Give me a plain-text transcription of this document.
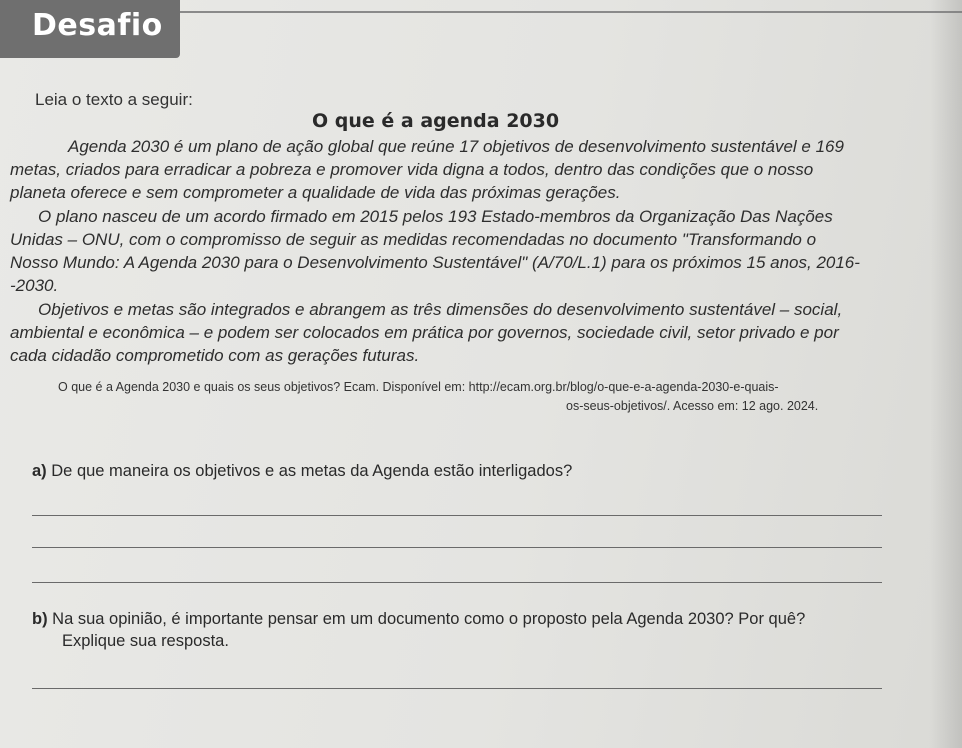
Desafio
Leia o texto a seguir:
O que é a agenda 2030
Agenda 2030 é um plano de ação global que reúne 17 objetivos de desenvolvimento sustentável e 169
metas, criados para erradicar a pobreza e promover vida digna a todos, dentro das condições que o nosso
planeta oferece e sem comprometer a qualidade de vida das próximas gerações.
O plano nasceu de um acordo firmado em 2015 pelos 193 Estado-membros da Organização Das Nações
Unidas – ONU, com o compromisso de seguir as medidas recomendadas no documento "Transformando o
Nosso Mundo: A Agenda 2030 para o Desenvolvimento Sustentável" (A/70/L.1) para os próximos 15 anos, 2016-
-2030.
Objetivos e metas são integrados e abrangem as três dimensões do desenvolvimento sustentável – social,
ambiental e econômica – e podem ser colocados em prática por governos, sociedade civil, setor privado e por
cada cidadão comprometido com as gerações futuras.
O que é a Agenda 2030 e quais os seus objetivos? Ecam. Disponível em: http://ecam.org.br/blog/o-que-e-a-agenda-2030-e-quais-
os-seus-objetivos/. Acesso em: 12 ago. 2024.
a) De que maneira os objetivos e as metas da Agenda estão interligados?
b) Na sua opinião, é importante pensar em um documento como o proposto pela Agenda 2030? Por quê?
Explique sua resposta.
